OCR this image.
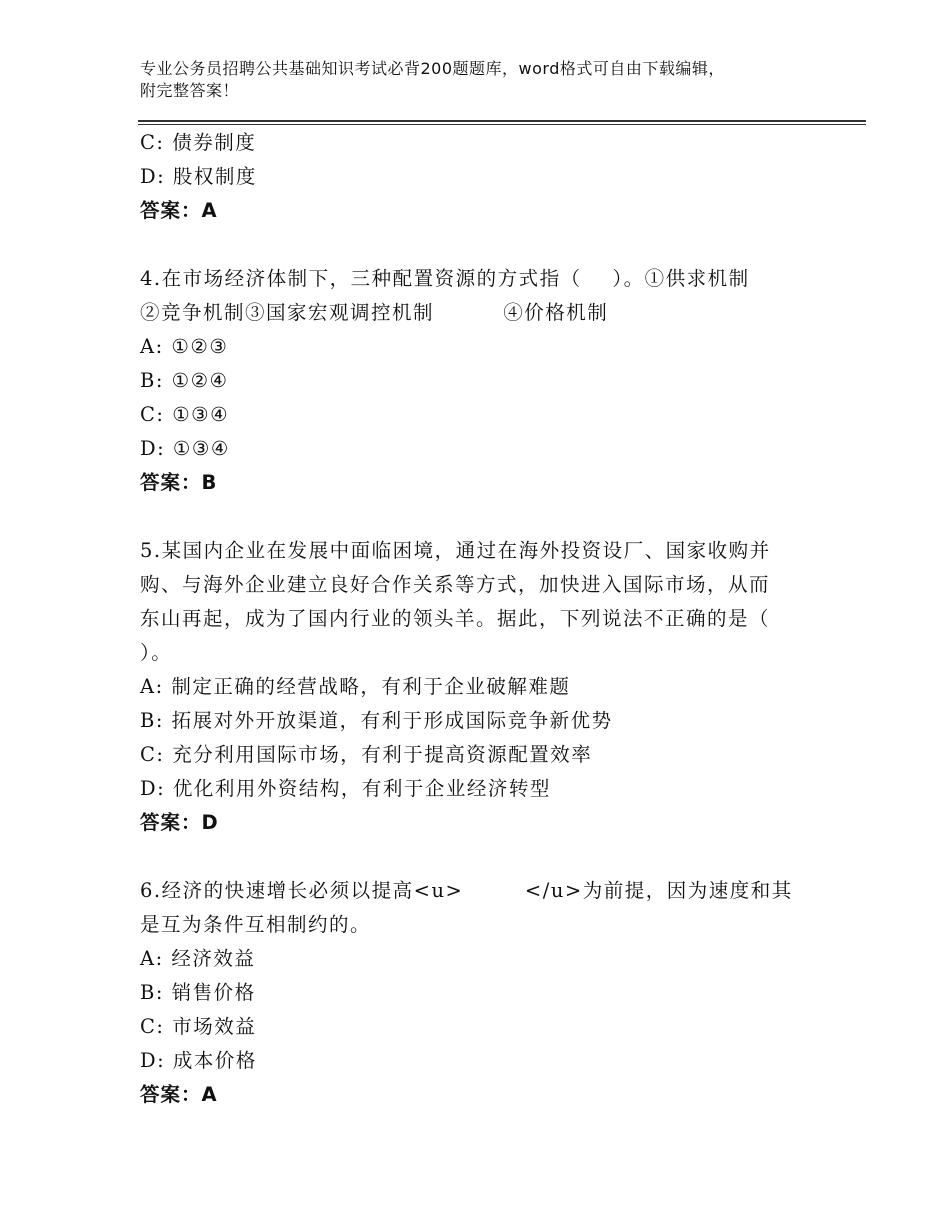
专业公务员招聘公共基础知识考试必背200题题库，word格式可自由下载编辑，
附完整答案！
C: 债券制度
D: 股权制度
答案：A
4.在市场经济体制下，三种配置资源的方式指（    ）。①供求机制
②竞争机制③国家宏观调控机制         ④价格机制
A: ①②③
B: ①②④
C: ①③④
D: ①③④
答案：B
5.某国内企业在发展中面临困境，通过在海外投资设厂、国家收购并
购、与海外企业建立良好合作关系等方式，加快进入国际市场，从而
东山再起，成为了国内行业的领头羊。据此，下列说法不正确的是（
）。
A: 制定正确的经营战略，有利于企业破解难题
B: 拓展对外开放渠道，有利于形成国际竞争新优势
C: 充分利用国际市场，有利于提高资源配置效率
D: 优化利用外资结构，有利于企业经济转型
答案：D
6.经济的快速增长必须以提高<u>        </u>为前提，因为速度和其
是互为条件互相制约的。
A: 经济效益
B: 销售价格
C: 市场效益
D: 成本价格
答案：A
